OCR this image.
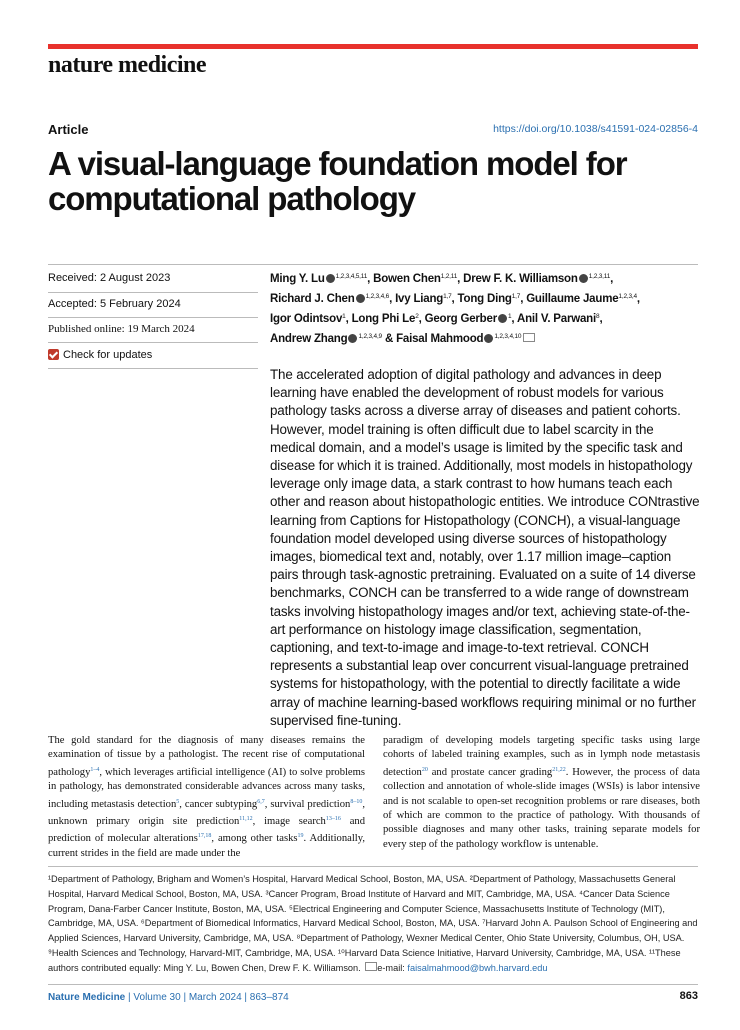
nature medicine
Article	https://doi.org/10.1038/s41591-024-02856-4
A visual-language foundation model for computational pathology
Received: 2 August 2023
Accepted: 5 February 2024
Published online: 19 March 2024
Check for updates
Ming Y. Lu $^{1,2,3,4,5,11}$, Bowen Chen$^{1,2,11}$, Drew F. K. Williamson $^{1,2,3,11}$,
Richard J. Chen $^{1,2,3,4,6}$, Ivy Liang$^{1,7}$, Tong Ding$^{1,7}$, Guillaume Jaume$^{1,2,3,4}$,
Igor Odintsov$^1$, Long Phi Le$^2$, Georg Gerber $^1$, Anil V. Parwani$^8$,
Andrew Zhang $^{1,2,3,4,9}$ & Faisal Mahmood $^{1,2,3,4,10}$
The accelerated adoption of digital pathology and advances in deep learning have enabled the development of robust models for various pathology tasks across a diverse array of diseases and patient cohorts. However, model training is often difficult due to label scarcity in the medical domain, and a model’s usage is limited by the specific task and disease for which it is trained. Additionally, most models in histopathology leverage only image data, a stark contrast to how humans teach each other and reason about histopathologic entities. We introduce CONtrastive learning from Captions for Histopathology (CONCH), a visual-language foundation model developed using diverse sources of histopathology images, biomedical text and, notably, over 1.17 million image–caption pairs through task-agnostic pretraining. Evaluated on a suite of 14 diverse benchmarks, CONCH can be transferred to a wide range of downstream tasks involving histopathology images and/or text, achieving state-of-the-art performance on histology image classification, segmentation, captioning, and text-to-image and image-to-text retrieval. CONCH represents a substantial leap over concurrent visual-language pretrained systems for histopathology, with the potential to directly facilitate a wide array of machine learning-based workflows requiring minimal or no further supervised fine-tuning.
The gold standard for the diagnosis of many diseases remains the examination of tissue by a pathologist. The recent rise of computational pathology$^{1-4}$, which leverages artificial intelligence (AI) to solve problems in pathology, has demonstrated considerable advances across many tasks, including metastasis detection$^5$, cancer subtyping$^{6,7}$, survival prediction$^{8-10}$, unknown primary origin site prediction$^{11,12}$, image search$^{13-16}$ and prediction of molecular alterations$^{17,18}$, among other tasks$^{19}$. Additionally, current strides in the field are made under the
paradigm of developing models targeting specific tasks using large cohorts of labeled training examples, such as in lymph node metastasis detection$^{20}$ and prostate cancer grading$^{21,22}$. However, the process of data collection and annotation of whole-slide images (WSIs) is labor intensive and is not scalable to open-set recognition problems or rare diseases, both of which are common to the practice of pathology. With thousands of possible diagnoses and many other tasks, training separate models for every step of the pathology workflow is untenable.
¹Department of Pathology, Brigham and Women’s Hospital, Harvard Medical School, Boston, MA, USA. ²Department of Pathology, Massachusetts General Hospital, Harvard Medical School, Boston, MA, USA. ³Cancer Program, Broad Institute of Harvard and MIT, Cambridge, MA, USA. ⁴Cancer Data Science Program, Dana-Farber Cancer Institute, Boston, MA, USA. ⁵Electrical Engineering and Computer Science, Massachusetts Institute of Technology (MIT), Cambridge, MA, USA. ⁶Department of Biomedical Informatics, Harvard Medical School, Boston, MA, USA. ⁷Harvard John A. Paulson School of Engineering and Applied Sciences, Harvard University, Cambridge, MA, USA. ⁸Department of Pathology, Wexner Medical Center, Ohio State University, Columbus, OH, USA. ⁹Health Sciences and Technology, Harvard-MIT, Cambridge, MA, USA. ¹⁰Harvard Data Science Initiative, Harvard University, Cambridge, MA, USA. ¹¹These authors contributed equally: Ming Y. Lu, Bowen Chen, Drew F. K. Williamson. e-mail: faisalmahmood@bwh.harvard.edu
Nature Medicine | Volume 30 | March 2024 | 863–874	863
